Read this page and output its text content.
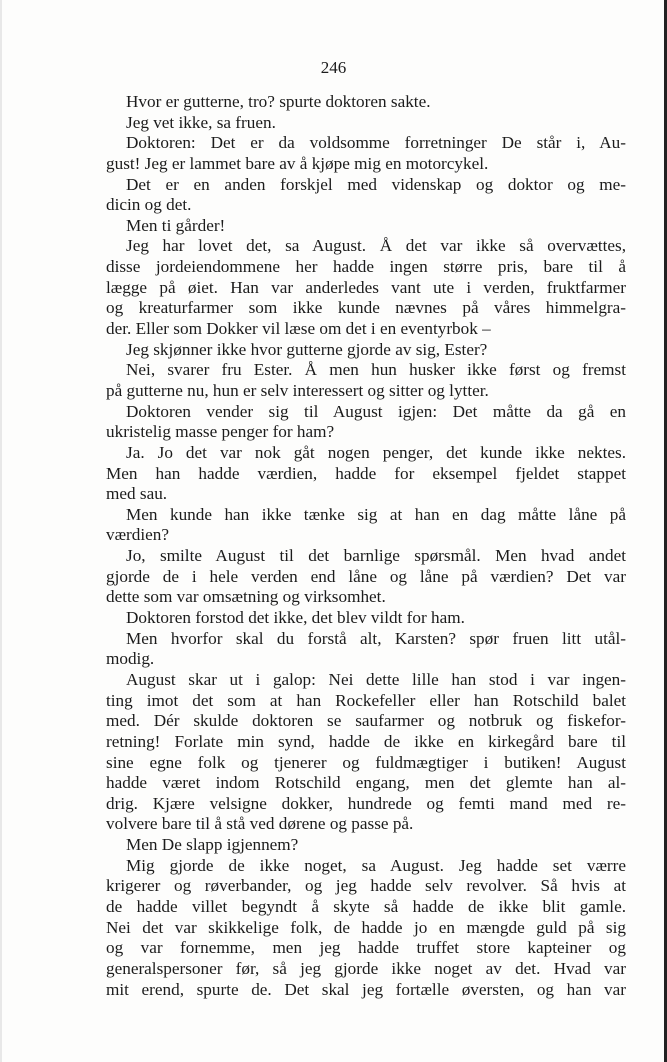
246
Hvor er gutterne, tro? spurte doktoren sakte.
Jeg vet ikke, sa fruen.
Doktoren: Det er da voldsomme forretninger De står i, Au-
gust! Jeg er lammet bare av å kjøpe mig en motorcykel.
Det er en anden forskjel med videnskap og doktor og me-
dicin og det.
Men ti gårder!
Jeg har lovet det, sa August. Å det var ikke så overvættes,
disse jordeiendommene her hadde ingen større pris, bare til å
lægge på øiet. Han var anderledes vant ute i verden, fruktfarmer
og kreaturfarmer som ikke kunde nævnes på våres himmelgra-
der. Eller som Dokker vil læse om det i en eventyrbok –
Jeg skjønner ikke hvor gutterne gjorde av sig, Ester?
Nei, svarer fru Ester. Å men hun husker ikke først og fremst
på gutterne nu, hun er selv interessert og sitter og lytter.
Doktoren vender sig til August igjen: Det måtte da gå en
ukristelig masse penger for ham?
Ja. Jo det var nok gåt nogen penger, det kunde ikke nektes.
Men han hadde værdien, hadde for eksempel fjeldet stappet
med sau.
Men kunde han ikke tænke sig at han en dag måtte låne på
værdien?
Jo, smilte August til det barnlige spørsmål. Men hvad andet
gjorde de i hele verden end låne og låne på værdien? Det var
dette som var omsætning og virksomhet.
Doktoren forstod det ikke, det blev vildt for ham.
Men hvorfor skal du forstå alt, Karsten? spør fruen litt utål-
modig.
August skar ut i galop: Nei dette lille han stod i var ingen-
ting imot det som at han Rockefeller eller han Rotschild balet
med. Dér skulde doktoren se saufarmer og notbruk og fiskefor-
retning! Forlate min synd, hadde de ikke en kirkegård bare til
sine egne folk og tjenerer og fuldmægtiger i butiken! August
hadde været indom Rotschild engang, men det glemte han al-
drig. Kjære velsigne dokker, hundrede og femti mand med re-
volvere bare til å stå ved dørene og passe på.
Men De slapp igjennem?
Mig gjorde de ikke noget, sa August. Jeg hadde set værre
krigerer og røverbander, og jeg hadde selv revolver. Så hvis at
de hadde villet begyndt å skyte så hadde de ikke blit gamle.
Nei det var skikkelige folk, de hadde jo en mængde guld på sig
og var fornemme, men jeg hadde truffet store kapteiner og
generalspersoner før, så jeg gjorde ikke noget av det. Hvad var
mit erend, spurte de. Det skal jeg fortælle øversten, og han var
